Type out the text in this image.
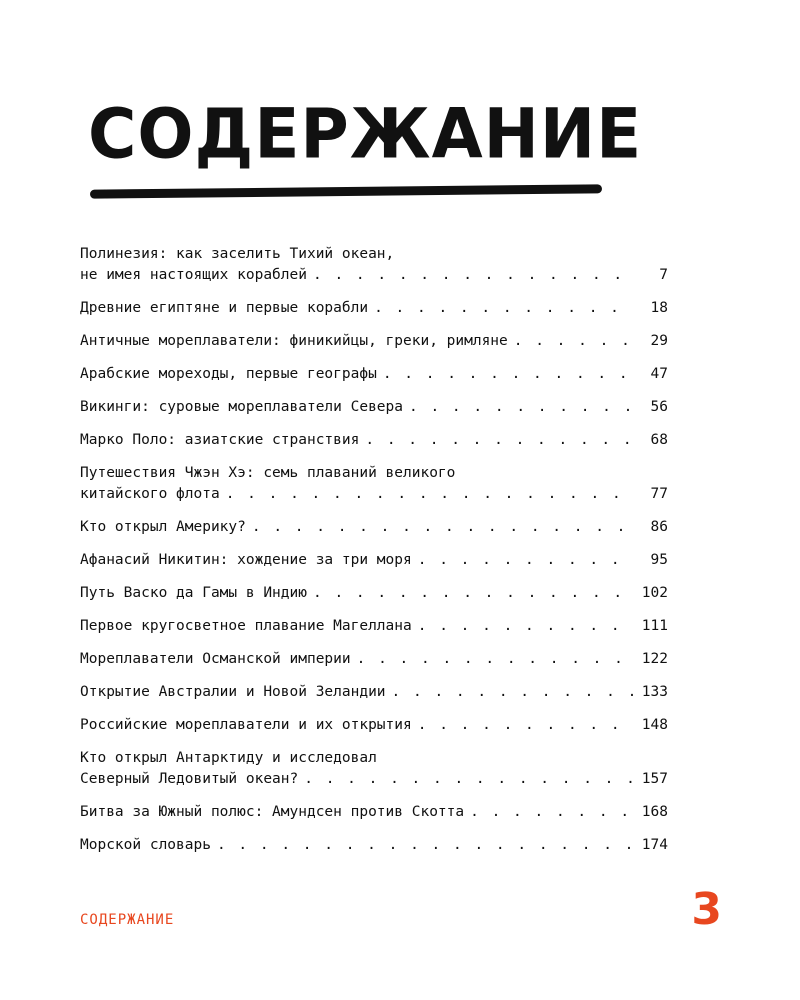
СОДЕРЖАНИЕ
Полинезия: как заселить Тихий океан,
не имея настоящих кораблей . . .	7
Древние египтяне и первые корабли . . .	18
Античные мореплаватели: финикийцы, греки, римляне . . .	29
Арабские мореходы, первые географы . . .	47
Викинги: суровые мореплаватели Севера . . .	56
Марко Поло: азиатские странствия . . .	68
Путешествия Чжэн Хэ: семь плаваний великого
китайского флота . . .	77
Кто открыл Америку? . . .	86
Афанасий Никитин: хождение за три моря . . .	95
Путь Васко да Гамы в Индию . . .	102
Первое кругосветное плавание Магеллана . . .	111
Мореплаватели Османской империи . . .	122
Открытие Австралии и Новой Зеландии . . .	133
Российские мореплаватели и их открытия . . .	148
Кто открыл Антарктиду и исследовал
Северный Ледовитый океан? . . .	157
Битва за Южный полюс: Амундсен против Скотта . . .	168
Морской словарь . . .	174
СОДЕРЖАНИЕ	3
